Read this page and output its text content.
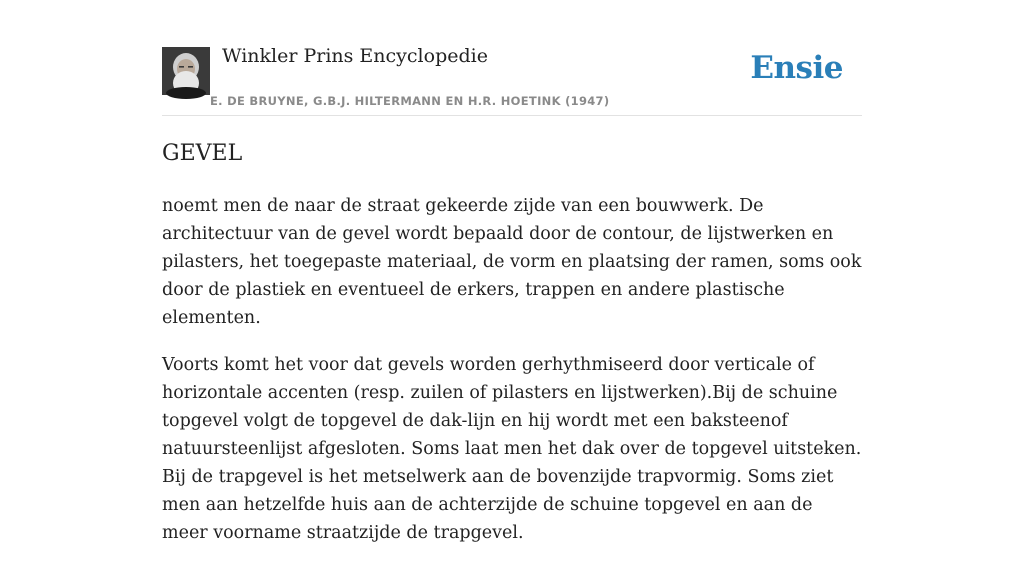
Winkler Prins Encyclopedie
E. DE BRUYNE, G.B.J. HILTERMANN EN H.R. HOETINK (1947)
Ensie
GEVEL

noemt men de naar de straat gekeerde zijde van een bouwwerk. De architectuur van de gevel wordt bepaald door de contour, de lijstwerken en pilasters, het toegepaste materiaal, de vorm en plaatsing der ramen, soms ook door de plastiek en eventueel de erkers, trappen en andere plastische elementen.

Voorts komt het voor dat gevels worden gerhythmiseerd door verticale of horizontale accenten (resp. zuilen of pilasters en lijstwerken).Bij de schuine topgevel volgt de topgevel de dak-lijn en hij wordt met een baksteenof natuursteenlijst afgesloten. Soms laat men het dak over de topgevel uitsteken. Bij de trapgevel is het metselwerk aan de bovenzijde trapvormig. Soms ziet men aan hetzelfde huis aan de achterzijde de schuine topgevel en aan de meer voorname straatzijde de trapgevel.
